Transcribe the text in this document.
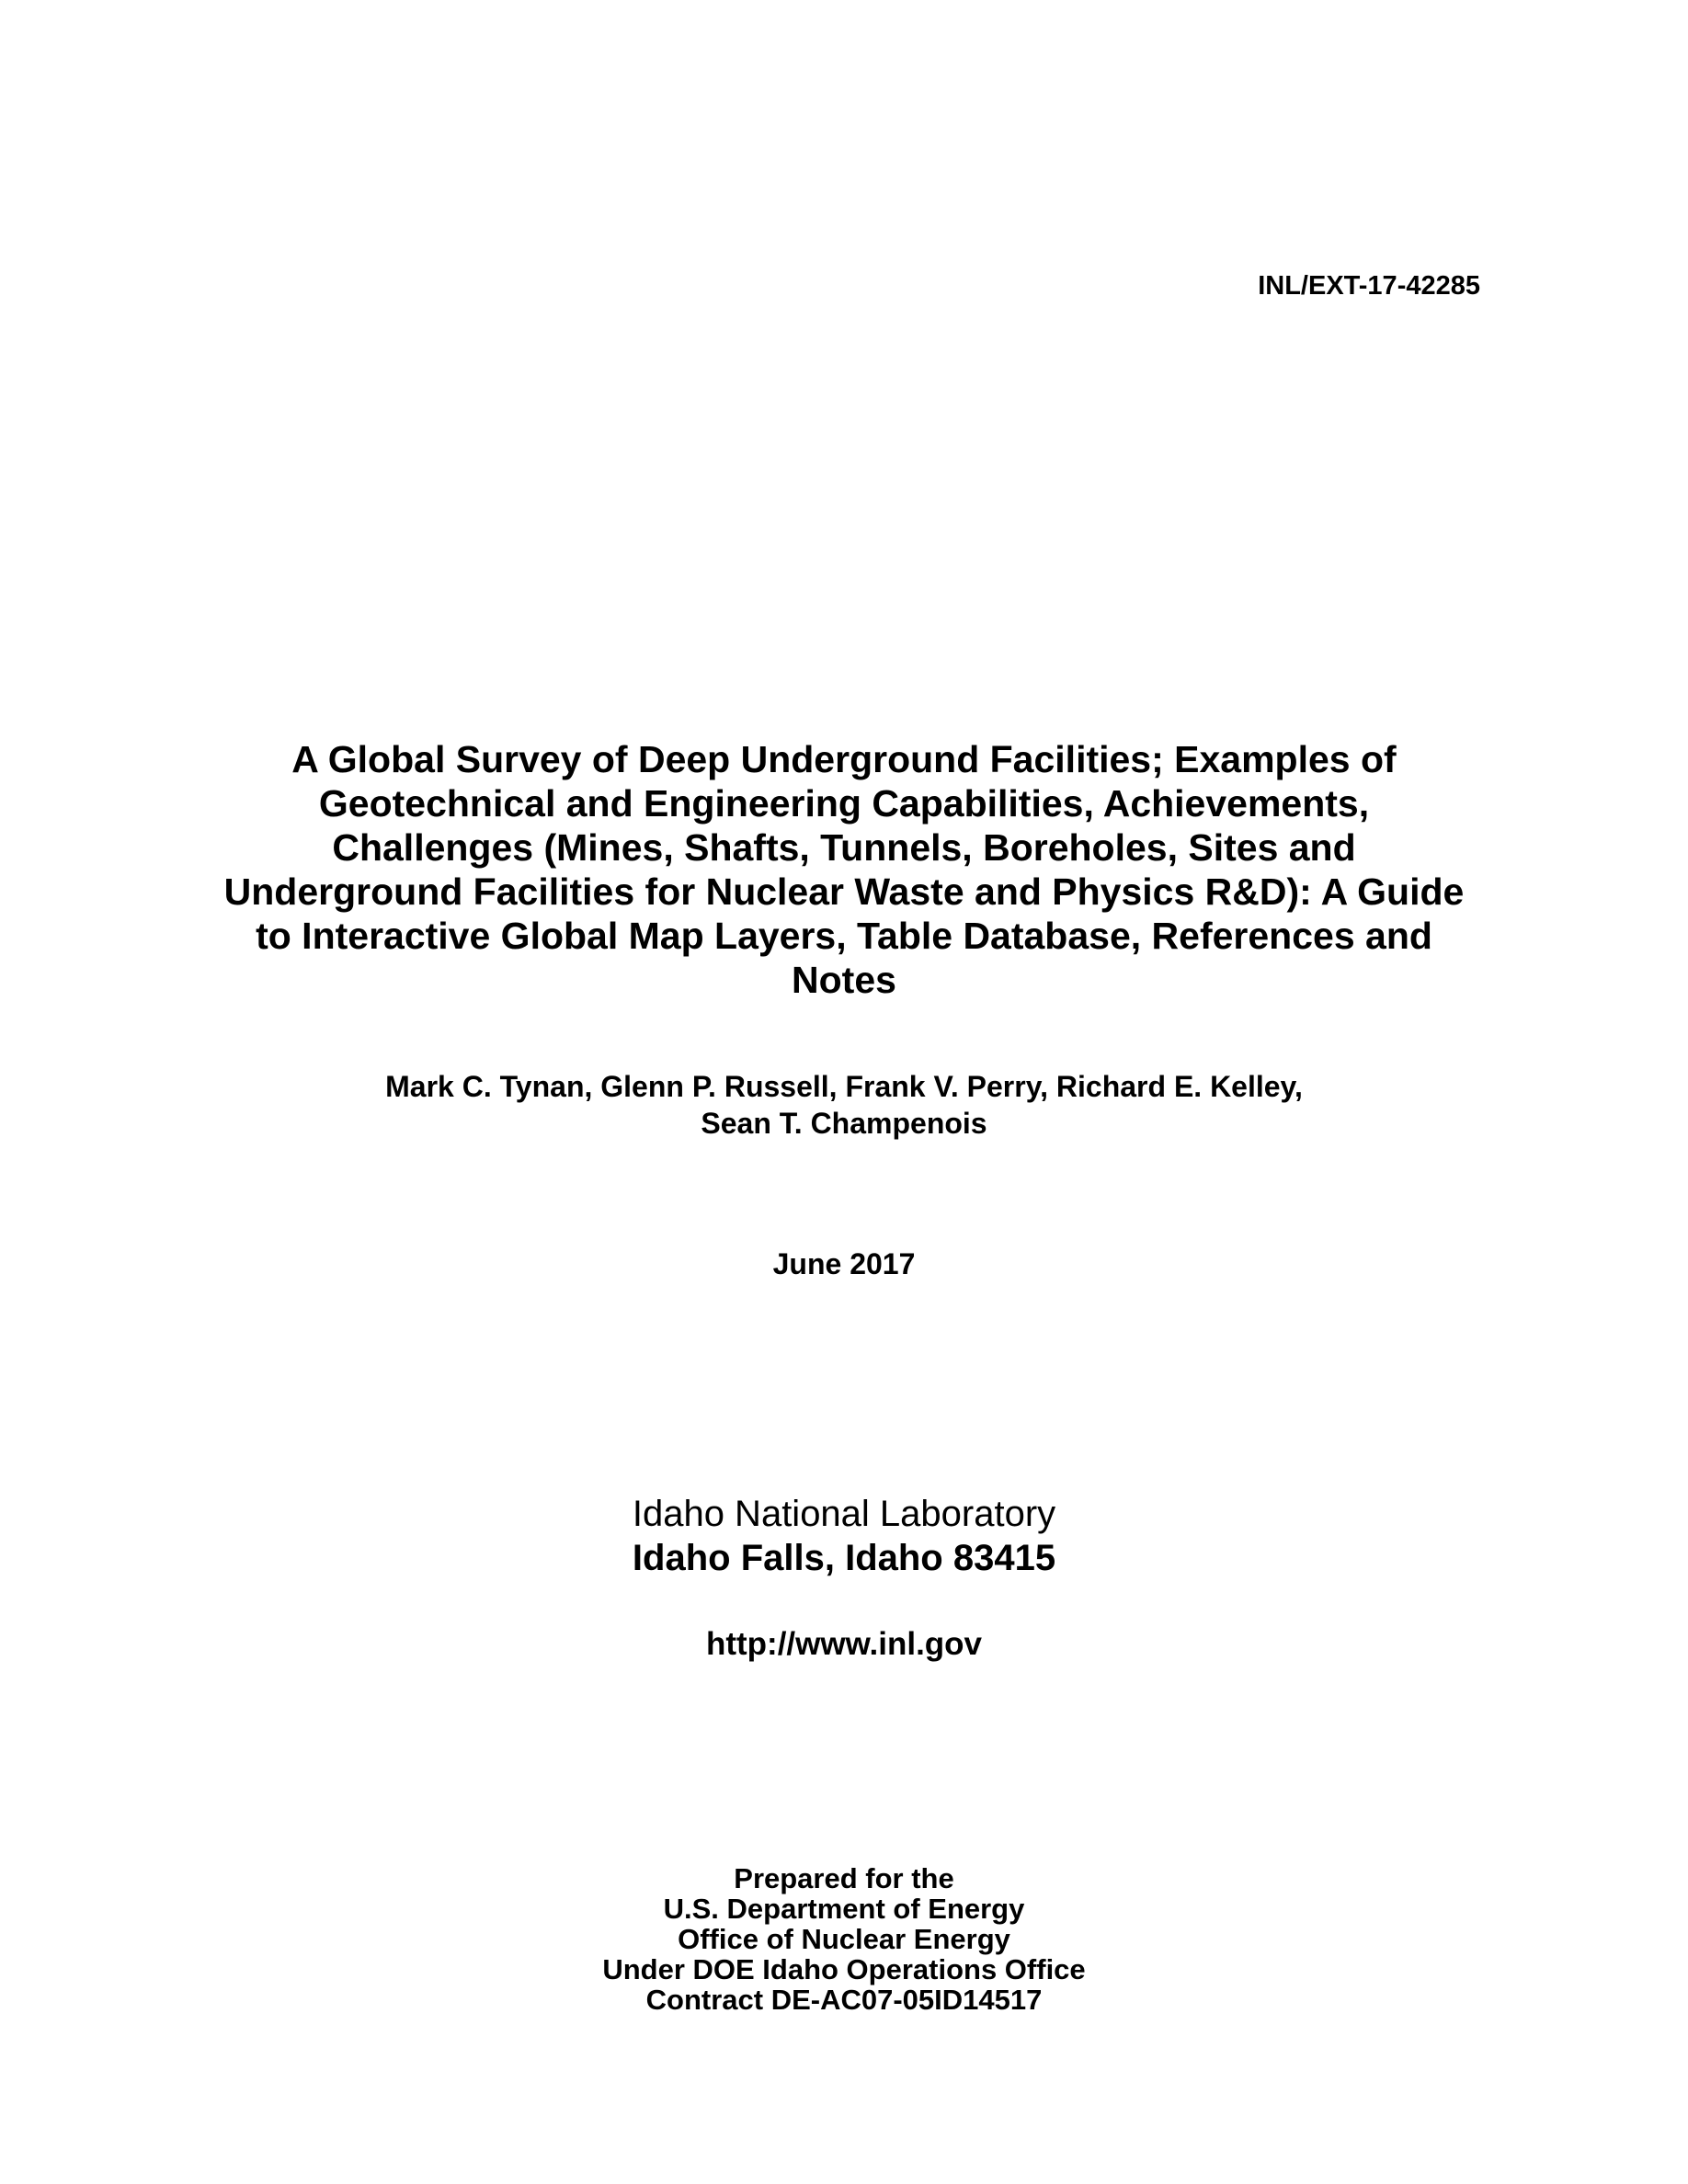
INL/EXT-17-42285
A Global Survey of Deep Underground Facilities; Examples of
Geotechnical and Engineering Capabilities, Achievements,
Challenges (Mines, Shafts, Tunnels, Boreholes, Sites and
Underground Facilities for Nuclear Waste and Physics R&D): A Guide
to Interactive Global Map Layers, Table Database, References and
Notes
Mark C. Tynan, Glenn P. Russell, Frank V. Perry, Richard E. Kelley,
Sean T. Champenois
June 2017
Idaho National Laboratory
Idaho Falls, Idaho 83415
http://www.inl.gov
Prepared for the
U.S. Department of Energy
Office of Nuclear Energy
Under DOE Idaho Operations Office
Contract DE-AC07-05ID14517
